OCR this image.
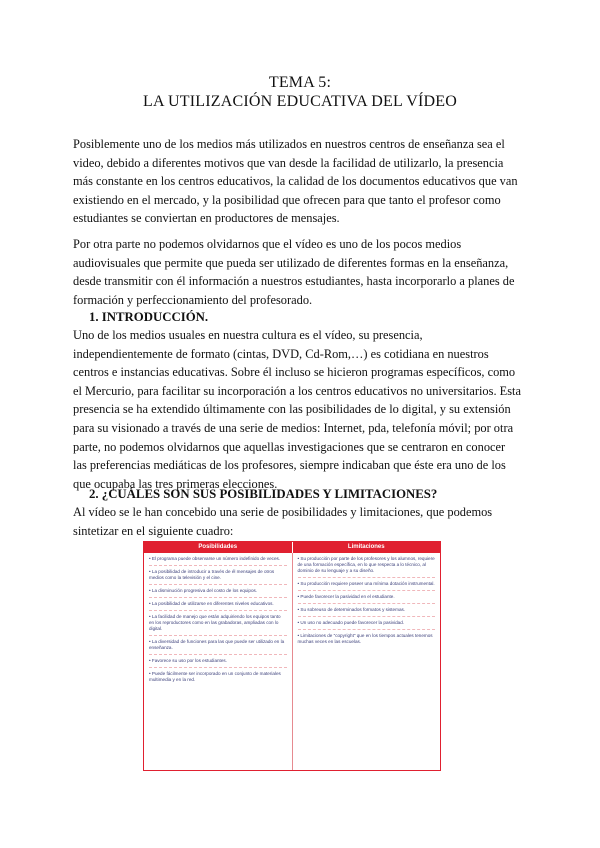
TEMA 5:
LA UTILIZACIÓN EDUCATIVA DEL VÍDEO

Posiblemente uno de los medios más utilizados en nuestros centros de enseñanza sea el video, debido a diferentes motivos que van desde la facilidad de utilizarlo, la presencia más constante en los centros educativos, la calidad de los documentos educativos que van existiendo en el mercado, y la posibilidad que ofrecen para que tanto el profesor como estudiantes se conviertan en productores de mensajes.

Por otra parte no podemos olvidarnos que el vídeo es uno de los pocos medios audiovisuales que permite que pueda ser utilizado de diferentes formas en la enseñanza, desde transmitir con él información a nuestros estudiantes, hasta incorporarlo a planes de formación y perfeccionamiento del profesorado.

1. INTRODUCCIÓN.

Uno de los medios usuales en nuestra cultura es el vídeo, su presencia, independientemente de formato (cintas, DVD, Cd-Rom,…) es cotidiana en nuestros centros e instancias educativas. Sobre él incluso se hicieron programas específicos, como el Mercurio, para facilitar su incorporación a los centros educativos no universitarios. Esta presencia se ha extendido últimamente con las posibilidades de lo digital, y su extensión para su visionado a través de una serie de medios: Internet, pda, telefonía móvil; por otra parte, no podemos olvidarnos que aquellas investigaciones que se centraron en conocer las preferencias mediáticas de los profesores, siempre indicaban que éste era uno de los que ocupaba las tres primeras elecciones.

2. ¿CUÁLES SON SUS POSIBILIDADES Y LIMITACIONES?

Al vídeo se le han concebido una serie de posibilidades y limitaciones, que podemos sintetizar en el siguiente cuadro:

Posibilidades	Limitaciones
• El programa puede observarse un número indefinido de veces.
• La posibilidad de introducir a través de él mensajes de otros medios como la televisión y el cine.
• La disminución progresiva del costo de los equipos.
• La posibilidad de utilizarse en diferentes niveles educativos.
• La facilidad de manejo que están adquiriendo los equipos tanto en los reproductores como en las grabadoras, ampliadas con lo digital.
• La diversidad de funciones para las que puede ser utilizado en la enseñanza.
• Favorece su uso por los estudiantes.
• Puede fácilmente ser incorporado en un conjunto de materiales multimedia y en la red.
• Su producción por parte de los profesores y los alumnos, requiere de una formación específica, en lo que respecta a lo técnico, al dominio de su lenguaje y a su diseño.
• Su producción requiere poseer una mínima dotación instrumental.
• Puede favorecer la pasividad en el estudiante.
• Su sobreuso de determinados formatos y sistemas.
• Un uso no adecuado puede favorecer la pasividad.
• Limitaciones de "copyright" que en los tiempos actuales tenemos muchas veces en las escuelas.
